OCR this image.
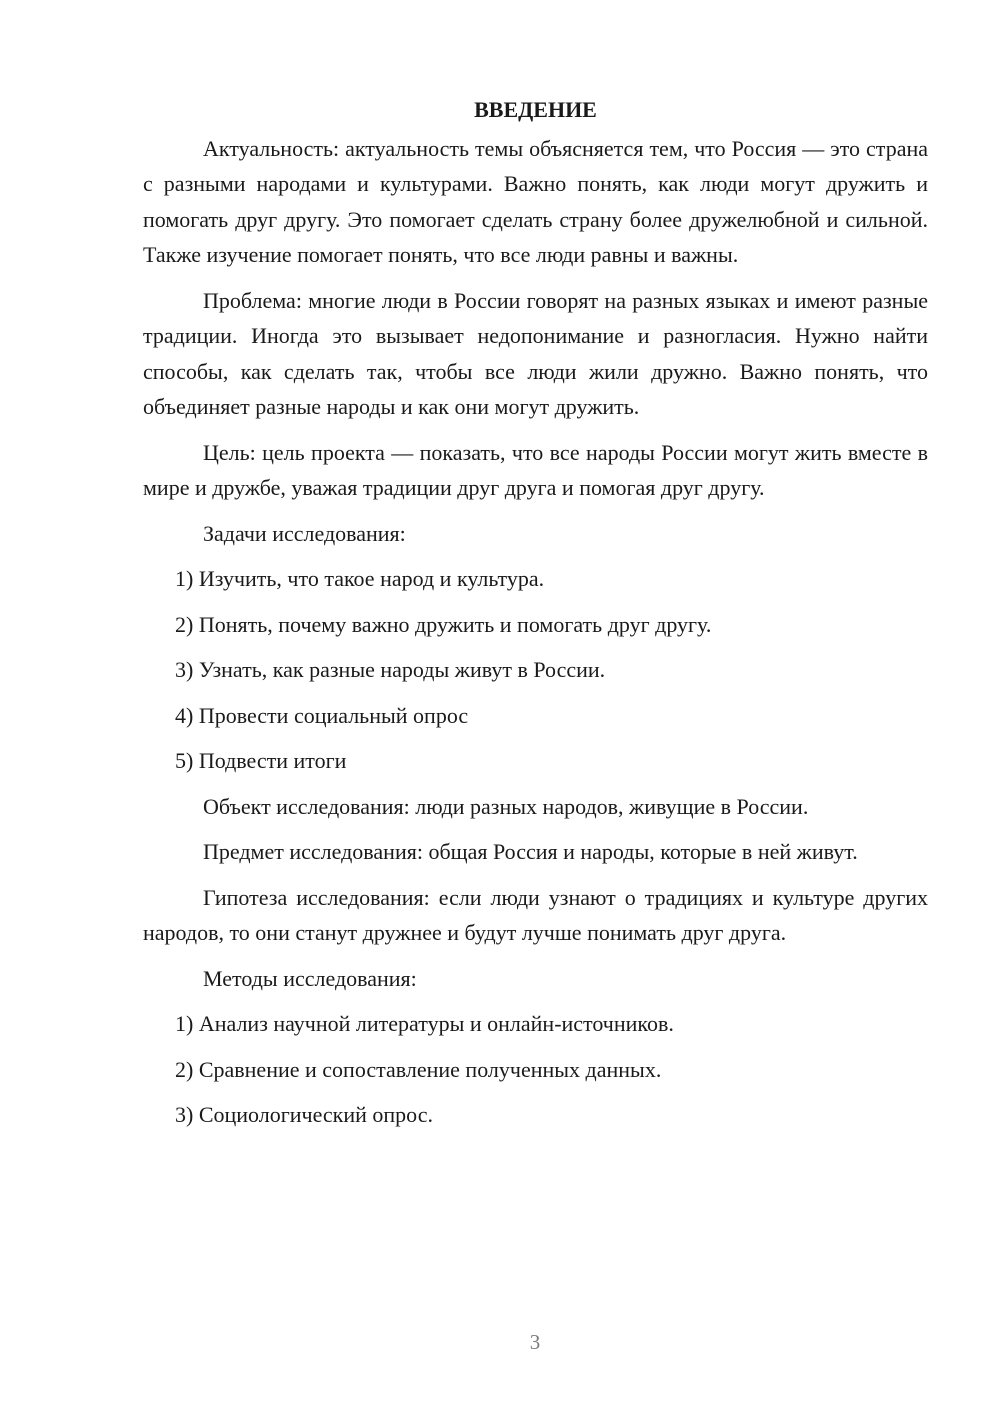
ВВЕДЕНИЕ

Актуальность: актуальность темы объясняется тем, что Россия — это страна с разными народами и культурами. Важно понять, как люди могут дружить и помогать друг другу. Это помогает сделать страну более дружелюбной и сильной. Также изучение помогает понять, что все люди равны и важны.

Проблема: многие люди в России говорят на разных языках и имеют разные традиции. Иногда это вызывает недопонимание и разногласия. Нужно найти способы, как сделать так, чтобы все люди жили дружно. Важно понять, что объединяет разные народы и как они могут дружить.

Цель: цель проекта — показать, что все народы России могут жить вместе в мире и дружбе, уважая традиции друг друга и помогая друг другу.

Задачи исследования:

1) Изучить, что такое народ и культура.

2) Понять, почему важно дружить и помогать друг другу.

3) Узнать, как разные народы живут в России.

4) Провести социальный опрос

5) Подвести итоги

Объект исследования: люди разных народов, живущие в России.

Предмет исследования: общая Россия и народы, которые в ней живут.

Гипотеза исследования: если люди узнают о традициях и культуре других народов, то они станут дружнее и будут лучше понимать друг друга.

Методы исследования:

1) Анализ научной литературы и онлайн-источников.

2) Сравнение и сопоставление полученных данных.

3) Социологический опрос.

3
